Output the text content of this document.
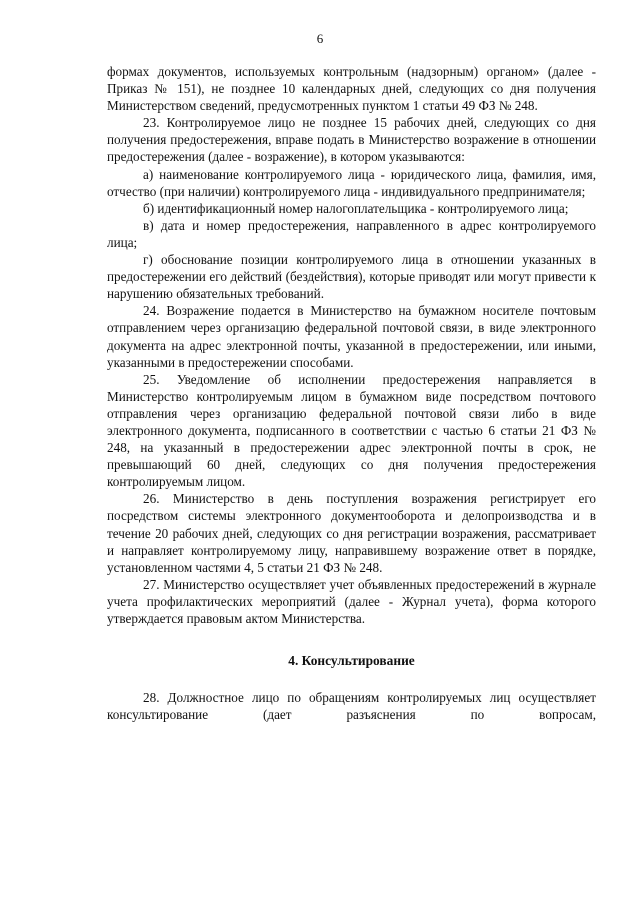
6

формах документов, используемых контрольным (надзорным) органом» (далее - Приказ № 151), не позднее 10 календарных дней, следующих со дня получения Министерством сведений, предусмотренных пунктом 1 статьи 49 ФЗ № 248.

23. Контролируемое лицо не позднее 15 рабочих дней, следующих со дня получения предостережения, вправе подать в Министерство возражение в отношении предостережения (далее - возражение), в котором указываются:

а) наименование контролируемого лица - юридического лица, фамилия, имя, отчество (при наличии) контролируемого лица - индивидуального предпринимателя;

б) идентификационный номер налогоплательщика - контролируемого лица;

в) дата и номер предостережения, направленного в адрес контролируемого лица;

г) обоснование позиции контролируемого лица в отношении указанных в предостережении его действий (бездействия), которые приводят или могут привести к нарушению обязательных требований.

24. Возражение подается в Министерство на бумажном носителе почтовым отправлением через организацию федеральной почтовой связи, в виде электронного документа на адрес электронной почты, указанной в предостережении, или иными, указанными в предостережении способами.

25. Уведомление об исполнении предостережения направляется в Министерство контролируемым лицом в бумажном виде посредством почтового отправления через организацию федеральной почтовой связи либо в виде электронного документа, подписанного в соответствии с частью 6 статьи 21 ФЗ № 248, на указанный в предостережении адрес электронной почты в срок, не превышающий 60 дней, следующих со дня получения предостережения контролируемым лицом.

26. Министерство в день поступления возражения регистрирует его посредством системы электронного документооборота и делопроизводства и в течение 20 рабочих дней, следующих со дня регистрации возражения, рассматривает и направляет контролируемому лицу, направившему возражение ответ в порядке, установленном частями 4, 5 статьи 21 ФЗ № 248.

27. Министерство осуществляет учет объявленных предостережений в журнале учета профилактических мероприятий (далее - Журнал учета), форма которого утверждается правовым актом Министерства.

4. Консультирование

28. Должностное лицо по обращениям контролируемых лиц осуществляет консультирование (дает разъяснения по вопросам,
